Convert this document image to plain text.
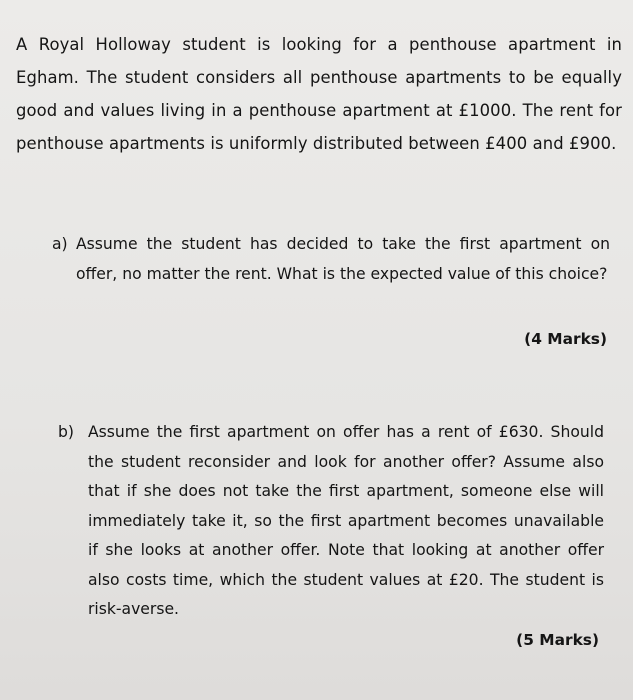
A Royal Holloway student is looking for a penthouse apartment in Egham. The student considers all penthouse apartments to be equally good and values living in a penthouse apartment at £1000. The rent for penthouse apartments is uniformly distributed between £400 and £900.

a) Assume the student has decided to take the first apartment on offer, no matter the rent. What is the expected value of this choice?
(4 Marks)
b) Assume the first apartment on offer has a rent of £630. Should the student reconsider and look for another offer? Assume also that if she does not take the first apartment, someone else will immediately take it, so the first apartment becomes unavailable if she looks at another offer. Note that looking at another offer also costs time, which the student values at £20. The student is risk-averse.
(5 Marks)
